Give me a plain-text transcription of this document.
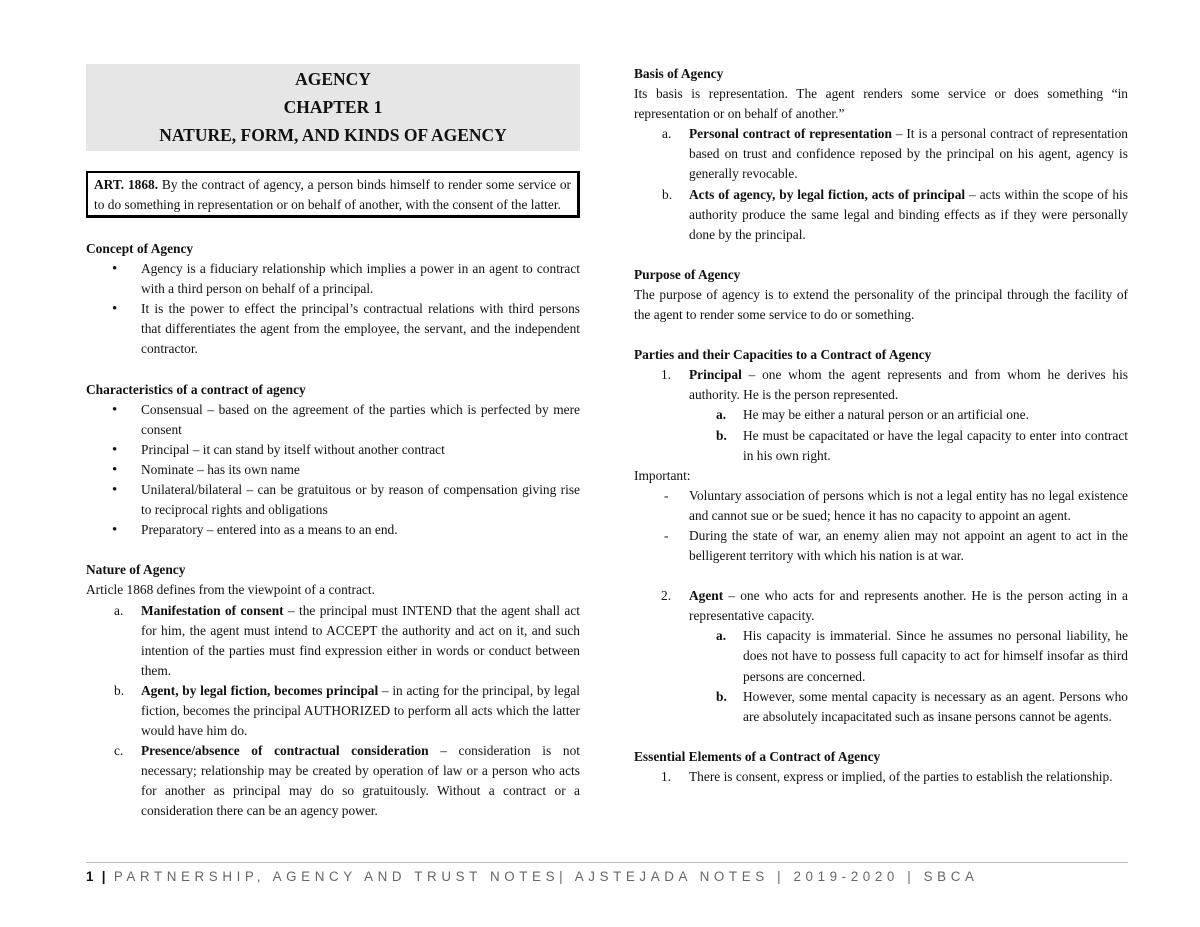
AGENCY
CHAPTER 1
NATURE, FORM, AND KINDS OF AGENCY
ART. 1868. By the contract of agency, a person binds himself to render some service or to do something in representation or on behalf of another, with the consent of the latter.

Concept of Agency

• Agency is a fiduciary relationship which implies a power in an agent to contract with a third person on behalf of a principal.
• It is the power to effect the principal’s contractual relations with third persons that differentiates the agent from the employee, the servant, and the independent contractor.

Characteristics of a contract of agency

• Consensual – based on the agreement of the parties which is perfected by mere consent
• Principal – it can stand by itself without another contract
• Nominate – has its own name
• Unilateral/bilateral – can be gratuitous or by reason of compensation giving rise to reciprocal rights and obligations
• Preparatory – entered into as a means to an end.

Nature of Agency

Article 1868 defines from the viewpoint of a contract.

a. Manifestation of consent – the principal must INTEND that the agent shall act for him, the agent must intend to ACCEPT the authority and act on it, and such intention of the parties must find expression either in words or conduct between them.
b. Agent, by legal fiction, becomes principal – in acting for the principal, by legal fiction, becomes the principal AUTHORIZED to perform all acts which the latter would have him do.
c. Presence/absence of contractual consideration – consideration is not necessary; relationship may be created by operation of law or a person who acts for another as principal may do so gratuitously. Without a contract or a consideration there can be an agency power.

Basis of Agency

Its basis is representation. The agent renders some service or does something “in representation or on behalf of another.”

a. Personal contract of representation – It is a personal contract of representation based on trust and confidence reposed by the principal on his agent, agency is generally revocable.
b. Acts of agency, by legal fiction, acts of principal – acts within the scope of his authority produce the same legal and binding effects as if they were personally done by the principal.

Purpose of Agency

The purpose of agency is to extend the personality of the principal through the facility of the agent to render some service to do or something.

Parties and their Capacities to a Contract of Agency

1. Principal – one whom the agent represents and from whom he derives his authority. He is the person represented.
a. He may be either a natural person or an artificial one.
b. He must be capacitated or have the legal capacity to enter into contract in his own right.

Important:

- Voluntary association of persons which is not a legal entity has no legal existence and cannot sue or be sued; hence it has no capacity to appoint an agent.
- During the state of war, an enemy alien may not appoint an agent to act in the belligerent territory with which his nation is at war.
2. Agent – one who acts for and represents another. He is the person acting in a representative capacity.
a. His capacity is immaterial. Since he assumes no personal liability, he does not have to possess full capacity to act for himself insofar as third persons are concerned.
b. However, some mental capacity is necessary as an agent. Persons who are absolutely incapacitated such as insane persons cannot be agents.

Essential Elements of a Contract of Agency

1. There is consent, express or implied, of the parties to establish the relationship.
1 | PARTNERSHIP, AGENCY AND TRUST NOTES| AJSTEJADA NOTES | 2019-2020 | SBCA
